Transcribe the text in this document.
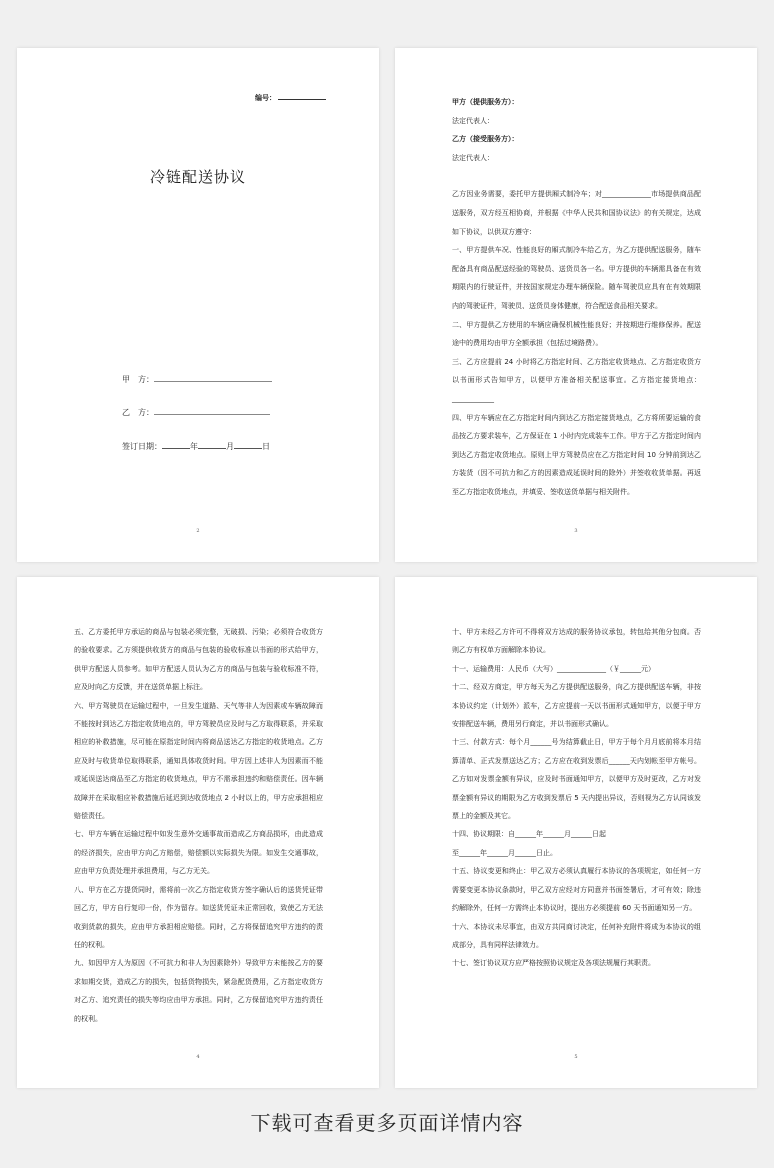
编号：
冷链配送协议
甲　方：
乙　方：
签订日期：	年	月	日
2

甲方（提供服务方）：

法定代表人：

乙方（接受服务方）：

法定代表人：

乙方因业务需要，委托甲方提供厢式制冷车；对______________市场提供商品配送服务，双方经互相协商，并根据《中华人民共和国协议法》的有关规定，达成如下协议，以供双方遵守：

一、甲方提供车况、性能良好的厢式制冷车给乙方，为乙方提供配送服务，随车配备具有商品配送经验的驾驶员、送货员各一名。甲方提供的车辆需具备在有效期限内的行驶证件，并按国家规定办理车辆保险。随车驾驶员应具有在有效期限内的驾驶证件，驾驶员、送货员身体健康，符合配送食品相关要求。

二、甲方提供乙方使用的车辆应确保机械性能良好；并按期进行维修保养。配送途中的费用均由甲方全额承担（包括过境路费）。

三、乙方应提前 24 小时将乙方指定时间、乙方指定收货地点、乙方指定收货方以书面形式告知甲方，以便甲方准备相关配送事宜。乙方指定接货地点：____________

四、甲方车辆应在乙方指定时间内到达乙方指定接货地点，乙方将所要运输的食品按乙方要求装车，乙方保证在 1 小时内完成装车工作。甲方于乙方指定时间内到达乙方指定收货地点。原则上甲方驾驶员应在乙方指定时间 10 分钟前到达乙方装货（因不可抗力和乙方的因素造成延误时间的除外）并签收收货单据。再返至乙方指定收货地点，并填妥、签收送货单据与相关附件。

3

五、乙方委托甲方承运的商品与包装必须完整，无破损、污染；必须符合收货方的验收要求。乙方须提供收货方的商品与包装的验收标准以书面的形式给甲方，供甲方配送人员参考。如甲方配送人员认为乙方的商品与包装与验收标准不符，应及时向乙方反馈，并在送货单据上标注。

六、甲方驾驶员在运输过程中，一旦发生道路、天气等非人为因素或车辆故障而不能按时到达乙方指定收货地点的，甲方驾驶员应及时与乙方取得联系，并采取相应的补救措施，尽可能在原指定时间内将商品送达乙方指定的收货地点。乙方应及时与收货单位取得联系，通知具体收货时间。甲方因上述非人为因素而不能或延误送达商品至乙方指定的收货地点，甲方不需承担违约和赔偿责任。因车辆故障并在采取相应补救措施后延迟到达收货地点 2 小时以上的，甲方应承担相应赔偿责任。

七、甲方车辆在运输过程中如发生意外交通事故而造成乙方商品损坏，由此造成的经济损失，应由甲方向乙方赔偿，赔偿额以实际损失为限。如发生交通事故，应由甲方负责处理并承担费用，与乙方无关。

八、甲方在乙方提货同时，需将前一次乙方指定收货方签字确认后的送货凭证带回乙方，甲方自行复印一份，作为留存。如送货凭证未正常回收，致使乙方无法收到货款的损失，应由甲方承担相应赔偿。同时，乙方将保留追究甲方违约的责任的权利。

九、如因甲方人为原因（不可抗力和非人为因素除外）导致甲方未能按乙方的要求如期交货，造成乙方的损失，包括货物损失，紧急配货费用，乙方指定收货方对乙方、追究责任的损失等均应由甲方承担。同时，乙方保留追究甲方违约责任的权利。

4

十、甲方未经乙方许可不得将双方达成的服务协议承包，转包给其他分包商。否则乙方有权单方面解除本协议。

十一、运输费用：人民币（大写）______________（￥______元）

十二、经双方商定，甲方每天为乙方提供配送服务，向乙方提供配送车辆，非按本协议约定（计划外）派车，乙方应提前一天以书面形式通知甲方，以便于甲方安排配送车辆，费用另行商定，并以书面形式确认。

十三、付款方式：每个月______号为结算截止日，甲方于每个月月底前将本月结算清单、正式发票送达乙方；乙方应在收到发票后______天内划帐至甲方帐号。乙方如对发票金额有异议，应及时书面通知甲方，以便甲方及时更改，乙方对发票金额有异议的期限为乙方收到发票后 5 天内提出异议，否则视为乙方认同该发票上的金额及其它。

十四、协议期限：自______年______月______日起

至______年______月______日止。

十五、协议变更和终止：甲乙双方必须认真履行本协议的各项规定，如任何一方需要变更本协议条款时，甲乙双方应经对方同意并书面签署后，才可有效；除违约解除外，任何一方需终止本协议时，提出方必须提前 60 天书面通知另一方。

十六、本协议未尽事宜，由双方共同商讨决定，任何补充附件将成为本协议的组成部分，具有同样法律效力。

十七、签订协议双方应严格按照协议规定及各项法规履行其职责。

5
下载可查看更多页面详情内容
